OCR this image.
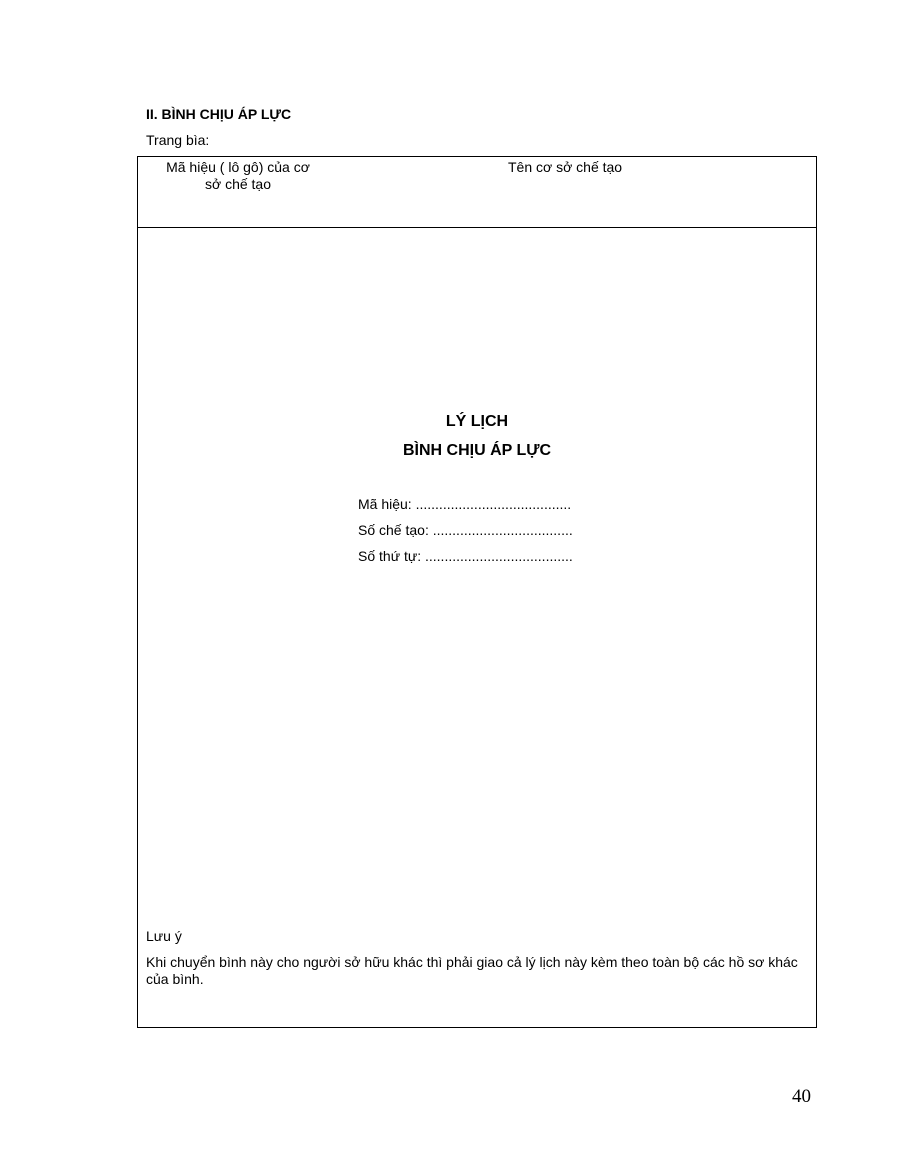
II. BÌNH CHỊU ÁP LỰC
Trang bìa:
Mã hiệu ( lô gô) của cơ
sở chế tạo
Tên cơ sở chế tạo
LÝ LỊCH
BÌNH CHỊU ÁP LỰC
Mã hiệu: ........................................
Số chế tạo: ....................................
Số thứ tự: ......................................
Lưu ý
Khi chuyển bình này cho người sở hữu khác thì phải giao cả lý lịch này kèm theo toàn bộ các hồ sơ khác của bình.
40
